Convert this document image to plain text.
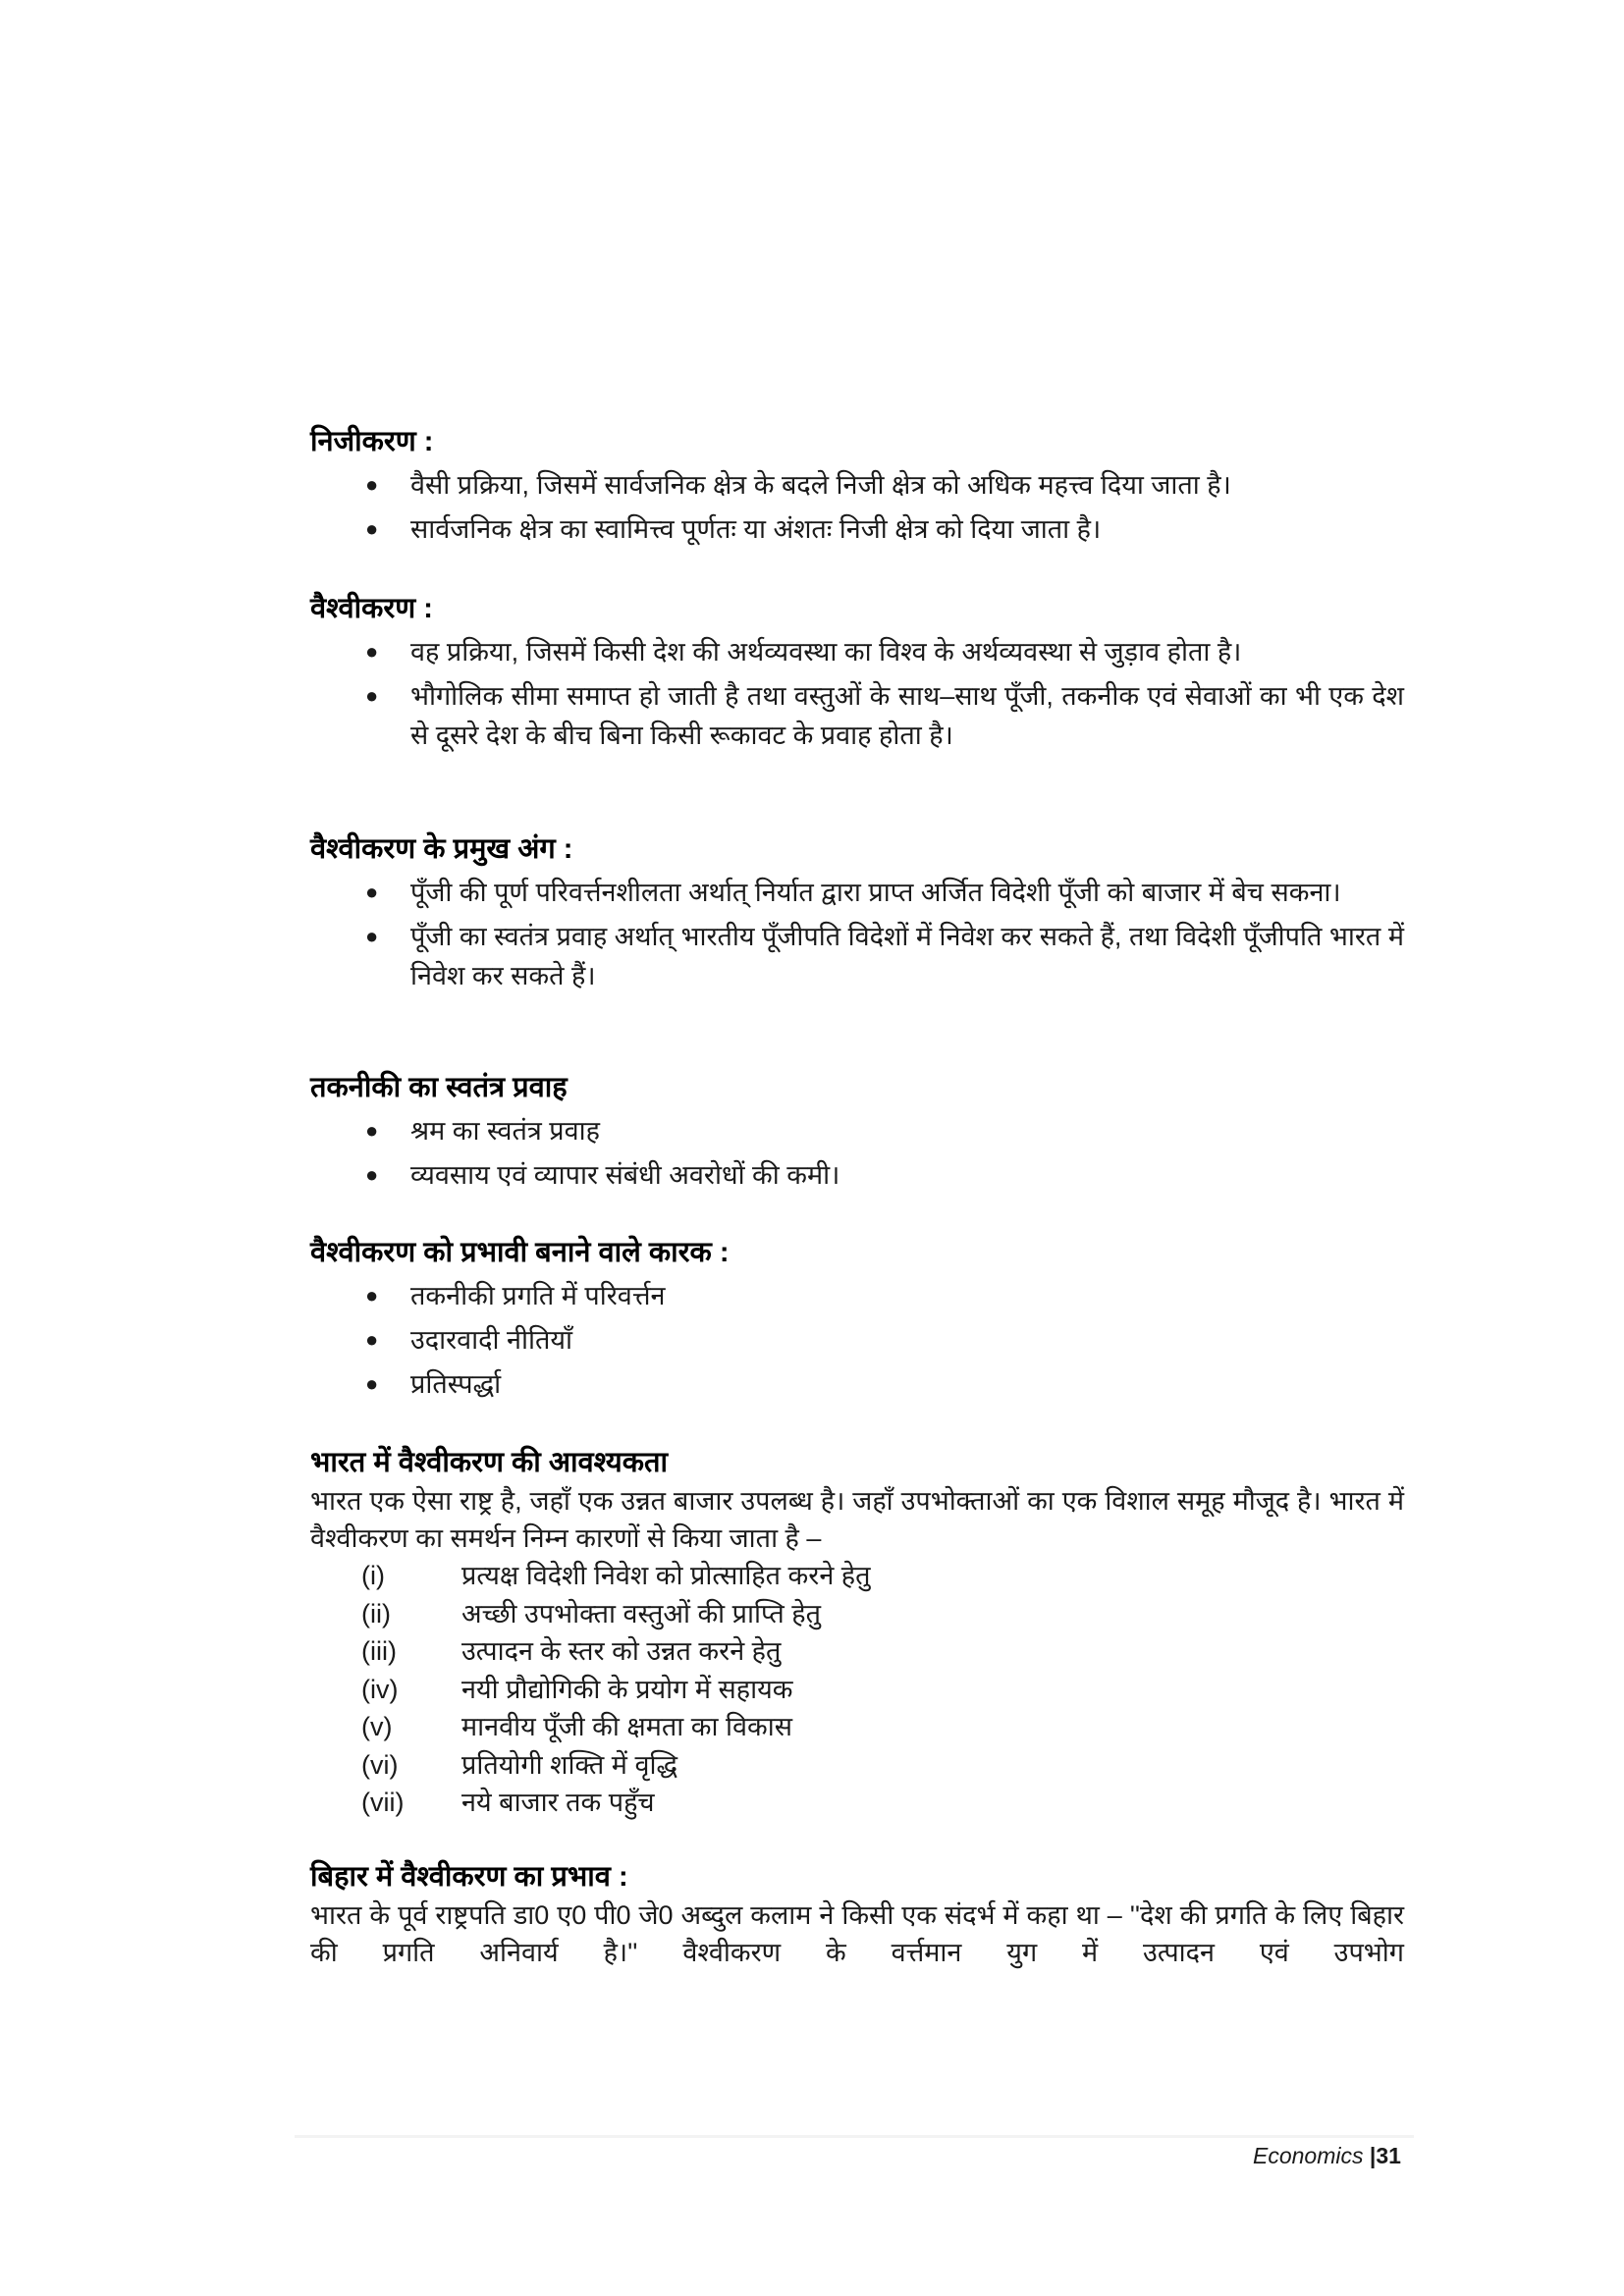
निजीकरण :
● वैसी प्रक्रिया, जिसमें सार्वजनिक क्षेत्र के बदले निजी क्षेत्र को अधिक महत्त्व दिया जाता है।
● सार्वजनिक क्षेत्र का स्वामित्त्व पूर्णतः या अंशतः निजी क्षेत्र को दिया जाता है।
वैश्वीकरण :
● वह प्रक्रिया, जिसमें किसी देश की अर्थव्यवस्था का विश्व के अर्थव्यवस्था से जुड़ाव होता है।
● भौगोलिक सीमा समाप्त हो जाती है तथा वस्तुओं के साथ–साथ पूँजी, तकनीक एवं सेवाओं का भी एक देश से दूसरे देश के बीच बिना किसी रूकावट के प्रवाह होता है।
वैश्वीकरण के प्रमुख अंग :
● पूँजी की पूर्ण परिवर्त्तनशीलता अर्थात् निर्यात द्वारा प्राप्त अर्जित विदेशी पूँजी को बाजार में बेच सकना।
● पूँजी का स्वतंत्र प्रवाह अर्थात् भारतीय पूँजीपति विदेशों में निवेश कर सकते हैं, तथा विदेशी पूँजीपति भारत में निवेश कर सकते हैं।
तकनीकी का स्वतंत्र प्रवाह
● श्रम का स्वतंत्र प्रवाह
● व्यवसाय एवं व्यापार संबंधी अवरोधों की कमी।
वैश्वीकरण को प्रभावी बनाने वाले कारक :
● तकनीकी प्रगति में परिवर्त्तन
● उदारवादी नीतियाँ
● प्रतिस्पर्द्धा
भारत में वैश्वीकरण की आवश्यकता

भारत एक ऐसा राष्ट्र है, जहाँ एक उन्नत बाजार उपलब्ध है। जहाँ उपभोक्ताओं का एक विशाल समूह मौजूद है। भारत में वैश्वीकरण का समर्थन निम्न कारणों से किया जाता है –

(i)	प्रत्यक्ष विदेशी निवेश को प्रोत्साहित करने हेतु
(ii)	अच्छी उपभोक्ता वस्तुओं की प्राप्ति हेतु
(iii)	उत्पादन के स्तर को उन्नत करने हेतु
(iv)	नयी प्रौद्योगिकी के प्रयोग में सहायक
(v)	मानवीय पूँजी की क्षमता का विकास
(vi)	प्रतियोगी शक्ति में वृद्धि
(vii)	नये बाजार तक पहुँच
बिहार में वैश्वीकरण का प्रभाव :

भारत के पूर्व राष्ट्रपति डा0 ए0 पी0 जे0 अब्दुल कलाम ने किसी एक संदर्भ में कहा था – ''देश की प्रगति के लिए बिहार की प्रगति अनिवार्य है।'' वैश्वीकरण के वर्त्तमान युग में उत्पादन एवं उपभोग

Economics |31
